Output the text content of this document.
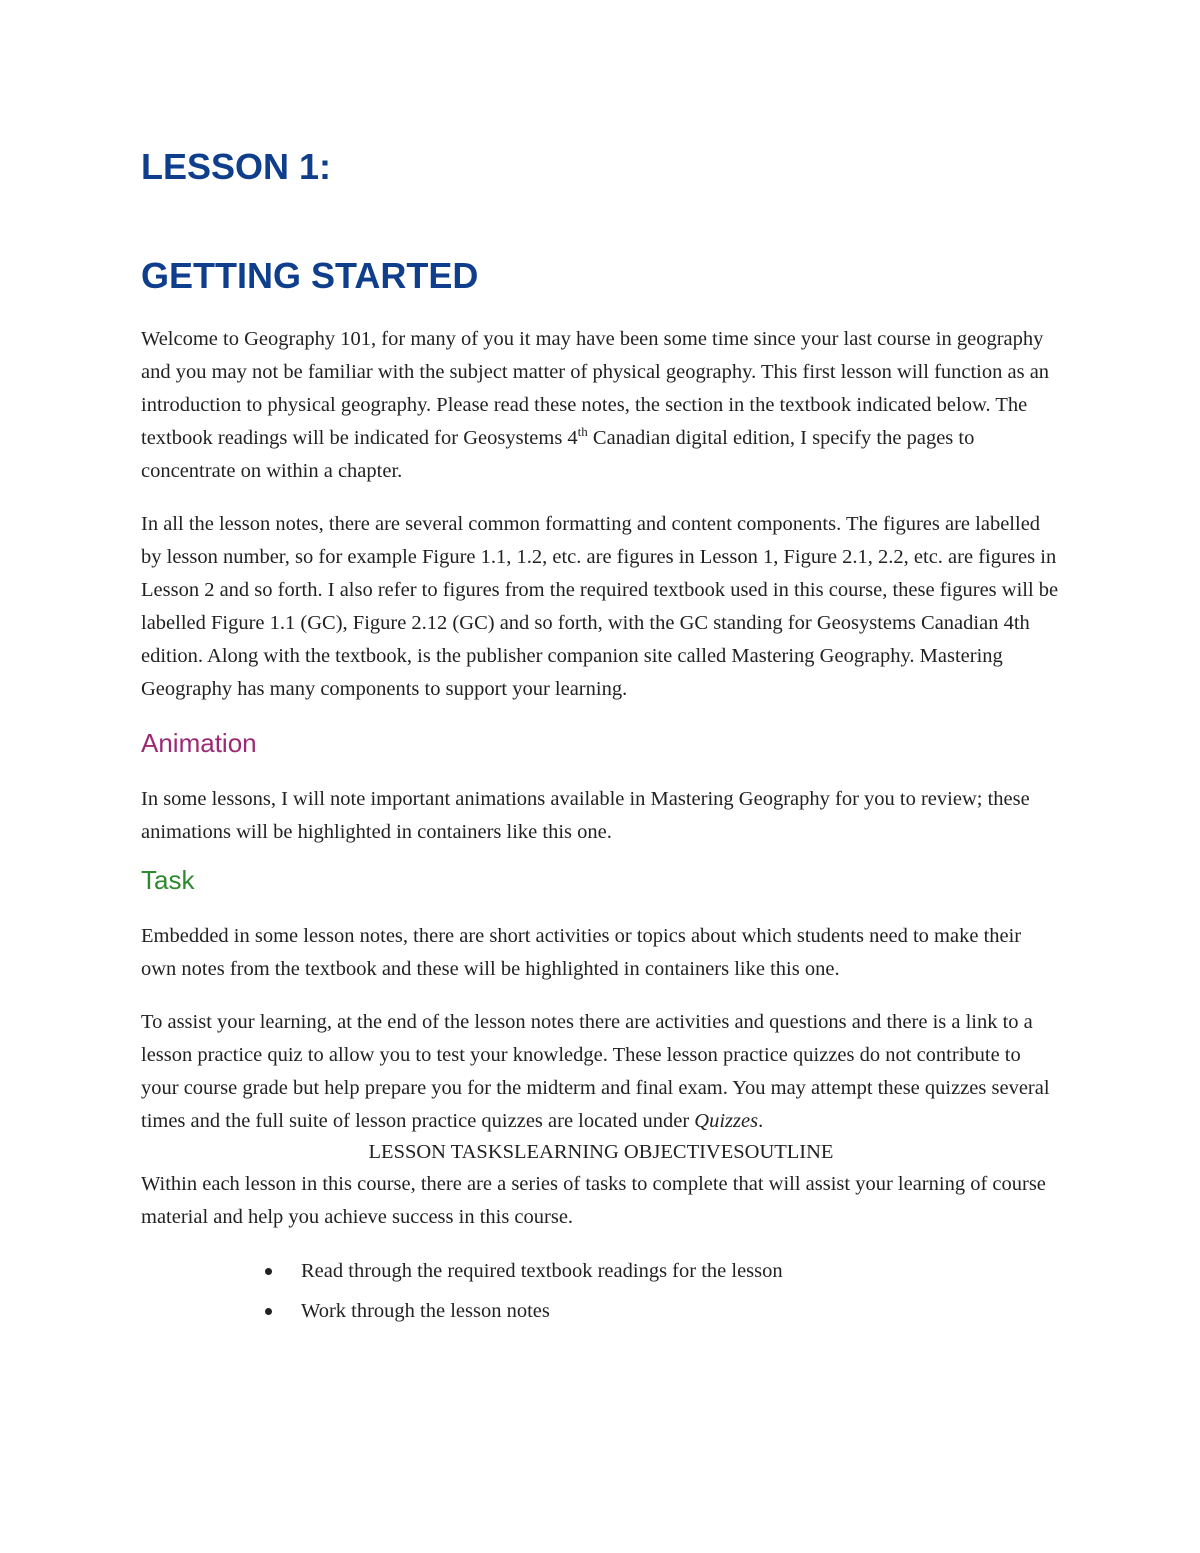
LESSON 1:
GETTING STARTED

Welcome to Geography 101, for many of you it may have been some time since your last course in geography and you may not be familiar with the subject matter of physical geography. This first lesson will function as an introduction to physical geography. Please read these notes, the section in the textbook indicated below. The textbook readings will be indicated for Geosystems 4th Canadian digital edition, I specify the pages to concentrate on within a chapter.

In all the lesson notes, there are several common formatting and content components. The figures are labelled by lesson number, so for example Figure 1.1, 1.2, etc. are figures in Lesson 1, Figure 2.1, 2.2, etc. are figures in Lesson 2 and so forth. I also refer to figures from the required textbook used in this course, these figures will be labelled Figure 1.1 (GC), Figure 2.12 (GC) and so forth, with the GC standing for Geosystems Canadian 4th edition. Along with the textbook, is the publisher companion site called Mastering Geography. Mastering Geography has many components to support your learning.

Animation

In some lessons, I will note important animations available in Mastering Geography for you to review; these animations will be highlighted in containers like this one.

Task

Embedded in some lesson notes, there are short activities or topics about which students need to make their own notes from the textbook and these will be highlighted in containers like this one.

To assist your learning, at the end of the lesson notes there are activities and questions and there is a link to a lesson practice quiz to allow you to test your knowledge. These lesson practice quizzes do not contribute to your course grade but help prepare you for the midterm and final exam. You may attempt these quizzes several times and the full suite of lesson practice quizzes are located under Quizzes.

LESSON TASKSLEARNING OBJECTIVESOUTLINE

Within each lesson in this course, there are a series of tasks to complete that will assist your learning of course material and help you achieve success in this course.

Read through the required textbook readings for the lesson
Work through the lesson notes
